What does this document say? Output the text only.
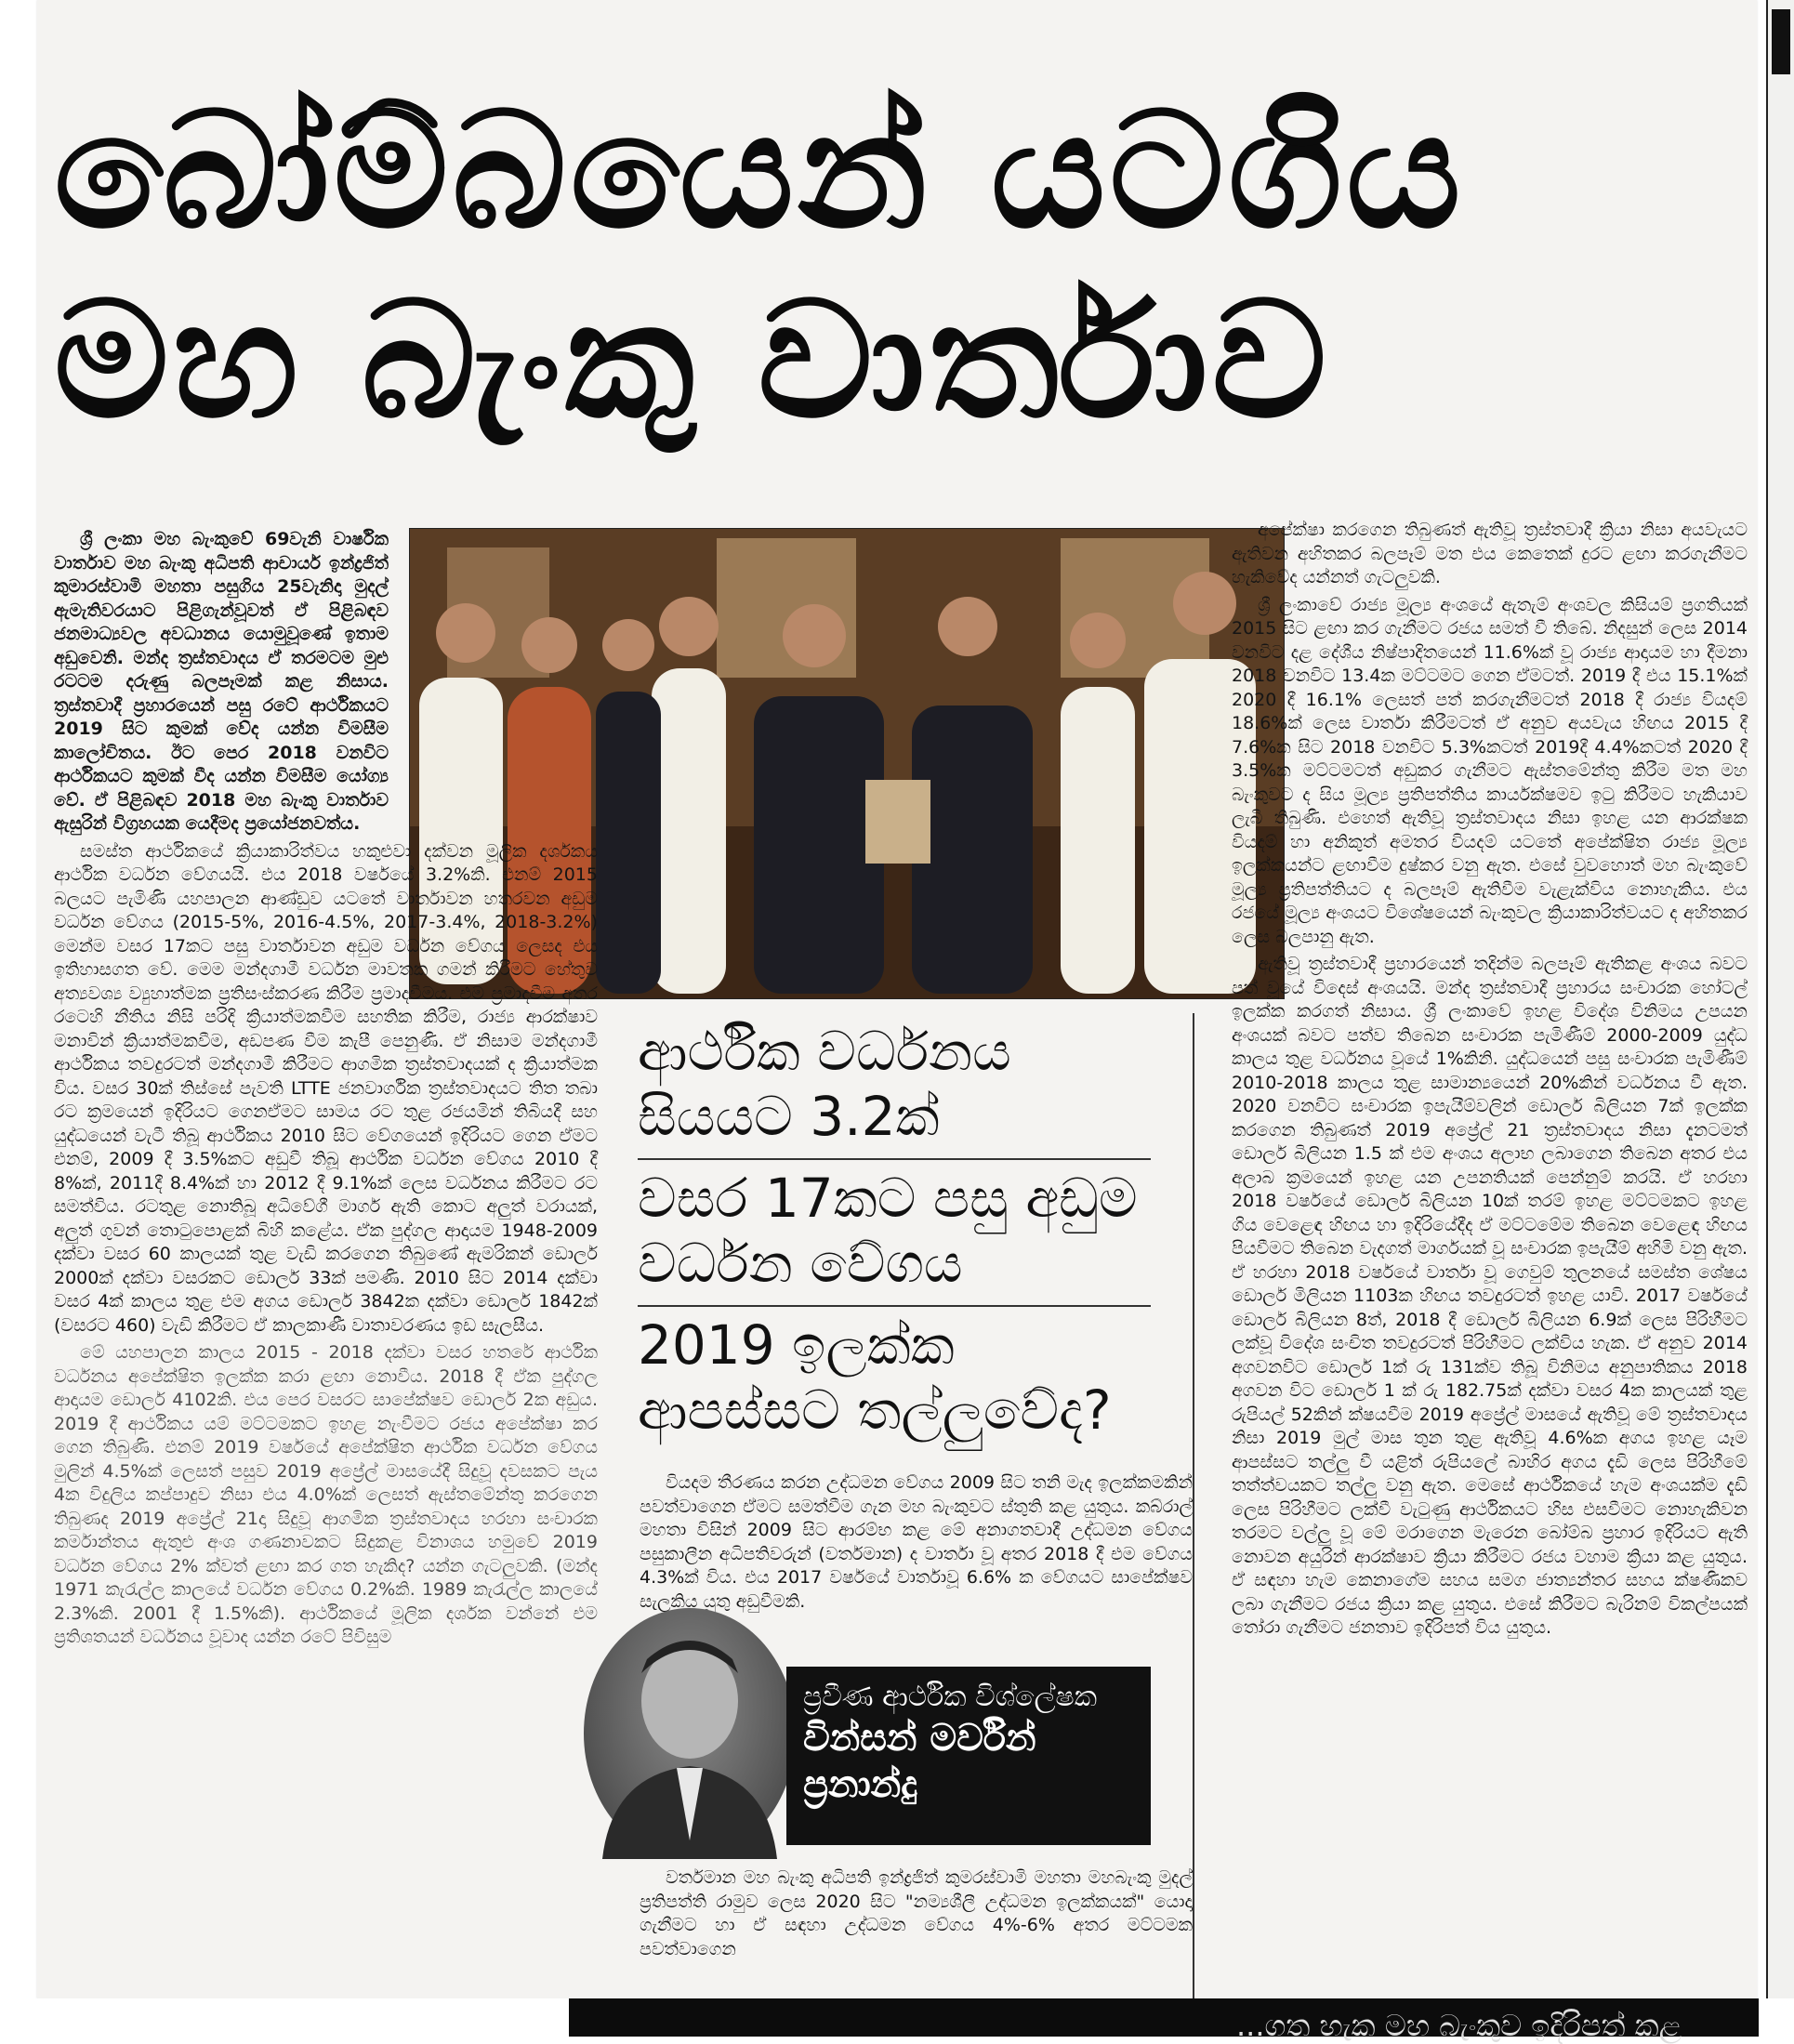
බෝම්බයෙන් යටගිය
මහ බැංකු වාර්තාව

ශ්‍රී ලංකා මහ බැංකුවේ 69වැනි වාර්ෂික වාර්තාව මහ බැංකු අධිපති ආචාර්ය ඉන්ද්‍රජිත් කුමාරස්වාමි මහතා පසුගිය 25වැනිදා මුදල් ඇමැතිවරයාට පිළිගැන්වූවත් ඒ පිළිබඳව ජනමාධ්‍යවල අවධානය යොමුවූණේ ඉතාම අඩුවෙනි. මන්ද ත්‍රස්තවාදය ඒ තරමටම මුළු රටටම දරුණු බලපෑමක් කළ නිසාය. ත්‍රස්තවාදී ප්‍රහාරයෙන් පසු රටේ ආර්ථිකයට 2019 සිට කුමක් වේද යන්න විමසීම කාලෝචිතය. ඊට පෙර 2018 වනවිට ආර්ථිකයට කුමක් වීද යන්න විමසීම යෝග්‍ය වේ. ඒ පිළිබඳව 2018 මහ බැංකු වාර්තාව ඇසුරින් විග්‍රහයක යෙදීමද ප්‍රයෝජනවත්ය.

සමස්ත ආර්ථිකයේ ක්‍රියාකාරිත්වය හකුළුවා දක්වන මූලික දර්ශකය ආර්ථික වර්ධන වේගයයි. එය 2018 වර්ෂයේ 3.2%කි. එනම් 2015 බලයට පැමිණි යහපාලන ආණ්ඩුව යටතේ වාර්තාවන හතරවන අඩුම වර්ධන වේගය (2015-5%, 2016-4.5%, 2017-3.4%, 2018-3.2%) මෙන්ම වසර 17කට පසු වාර්තාවන අඩුම වර්ධන වේගය ලෙසද එය ඉතිහාසගත වේ. මෙම මන්දගාමී වර්ධන මාවතක ගමන් කිරීමට හේතුව අත්‍යවශ්‍ය ව්‍යුහාත්මක ප්‍රතිසංස්කරණ කිරීම ප්‍රමාදවීමය. එම ප්‍රමාදවීම අතර රටෙහි නීතිය නිසි පරිදි ක්‍රියාත්මකවීම සහතික කිරීම, රාජ්‍ය ආරක්ෂාව මනාවින් ක්‍රියාත්මකවීම, අඩපණ වීම කැපී පෙනුණි. ඒ නිසාම මන්දගාමී ආර්ථිකය තවදුරටත් මන්දගාමී කිරීමට ආගමික ත්‍රස්තවාදයක් ද ක්‍රියාත්මක විය. වසර 30ක් තිස්සේ පැවති LTTE ජනවාර්ගික ත්‍රස්තවාදයට තිත තබා රට ක්‍රමයෙන් ඉදිරියට ගෙනඒමට සාමය රට තුළ රජයමින් තිබියදී සහ යුද්ධයෙන් වැටී තිබූ ආර්ථිකය 2010 සිට වේගයෙන් ඉදිරියට ගෙන ඒමට එනම්, 2009 දී 3.5%කට අඩුවී තිබූ ආර්ථික වර්ධන වේගය 2010 දී 8%ක්, 2011දී 8.4%ක් හා 2012 දී 9.1%ක් ලෙස වර්ධනය කිරීමට රට සමත්විය. රටතුළ නොතිබූ අධිවේගී මාර්ග ඇති කොට අලුත් වරායක්, අලුත් ගුවන් තොටුපොළක් බිහි කළේය. ඒක පුද්ගල ආදායම 1948-2009 දක්වා වසර 60 කාලයක් තුළ වැඩි කරගෙන තිබුණේ ඇමරිකන් ඩොලර් 2000ක් දක්වා වසරකට ඩොලර් 33ක් පමණි. 2010 සිට 2014 දක්වා වසර 4ක් කාලය තුළ එම අගය ඩොලර් 3842ක දක්වා ඩොලර් 1842ක් (වසරට 460) වැඩි කිරීමට ඒ කාලකාණී වාතාවරණය ඉඩ සැලසීය.

මේ යහපාලන කාලය 2015 - 2018 දක්වා වසර හතරේ ආර්ථික වර්ධනය අපේක්ෂිත ඉලක්ක කරා ළඟා නොවීය. 2018 දී ඒක පුද්ගල ආදායම ඩොලර් 4102කි. එය පෙර වසරට සාපේක්ෂව ඩොලර් 2ක අඩුය. 2019 දී ආර්ථිකය යම් මට්ටමකට ඉහළ නැංවීමට රජය අපේක්ෂා කර ගෙන තිබුණි. එනම් 2019 වර්ෂයේ අපේක්ෂිත ආර්ථික වර්ධන වේගය මුලින් 4.5%ක් ලෙසත් පසුව 2019 අප්‍රේල් මාසයේදී සිදුවූ දවසකට පැය 4ක විදුලිය කප්පාදුව නිසා එය 4.0%ක් ලෙසත් ඇස්තමේන්තු කරගෙන තිබුණද 2019 අප්‍රේල් 21දා සිදුවූ ආගමික ත්‍රස්තවාදය හරහා සංචාරක කර්මාන්තය ඇතුළු අංශ ගණනාවකට සිදුකළ විනාශය හමුවේ 2019 වර්ධන වේගය 2% ක්වත් ළඟා කර ගත හැකිද? යන්න ගැටලුවකි. (මන්ද 1971 කැරැල්ල කාලයේ වර්ධන වේගය 0.2%කි. 1989 කැරැල්ල කාලයේ 2.3%කි. 2001 දී 1.5%කි). ආර්ථිකයේ මූලික දර්ශක වන්නේ එම ප්‍රතිශතයන් වර්ධනය වූවාද යන්න රටේ පිවිසුම

ආර්ථික වර්ධනය සියයට 3.2ක්
වසර 17කට පසු අඩුම වර්ධන වේගය
2019 ඉලක්ක ආපස්සට තල්ලුවේද?

වියදම තීරණය කරන උද්ධමන වේගය 2009 සිට තනි මැද ඉලක්කමකින් පවත්වාගෙන ඒමට සමත්වීම ගැන මහ බැංකුවට ස්තුති කළ යුතුය. කබ්රාල් මහතා විසින් 2009 සිට ආරම්භ කළ මේ අනාගතවාදී උද්ධමන වේගය පසුකාලීන අධිපතිවරුන් (වර්තමාන) ද වාර්තා වූ අතර 2018 දී එම වේගය 4.3%ක් විය. එය 2017 වර්ෂයේ වාර්තාවූ 6.6% ක වේගයට සාපේක්ෂව සැලකිය යුතු අඩුවීමකි.

ප්‍රවීණ ආර්ථික විශ්ලේෂක
වින්සන් මර්වින්
ප්‍රනාන්දු

වර්තමාන මහ බැංකු අධිපති ඉන්ද්‍රජිත් කුමරස්වාමි මහතා මහබැංකු මුදල් ප්‍රතිපත්ති රාමුව ලෙස 2020 සිට "නම්‍යශීලී උද්ධමන ඉලක්කයක්" යොදා ගැනීමට හා ඒ සඳහා උද්ධමන වේගය 4%-6% අතර මට්ටමක පවත්වාගෙන

අපේක්ෂා කරගෙන තිබුණත් ඇතිවූ ත්‍රස්තවාදී ක්‍රියා නිසා අයවැයට ඇතිවන අහිතකර බලපෑම් මත එය කෙතෙක් දුරට ළඟා කරගැනීමට හැකිවේද යන්නත් ගැටලුවකි.

ශ්‍රී ලංකාවේ රාජ්‍ය මූල්‍ය අංශයේ ඇතැම් අංශවල කිසියම් ප්‍රගතියක් 2015 සිට ළඟා කර ගැනීමට රජය සමත් වී තිබේ. නිදසුන් ලෙස 2014 වනවිට දළ දේශීය නිෂ්පාදිතයෙන් 11.6%ක් වූ රාජ්‍ය ආදායම හා දීමනා 2018 වනවිට 13.4ක මට්ටමට ගෙන ඒමටත්. 2019 දී එය 15.1%ක් 2020 දී 16.1% ලෙසත් පත් කරගැනීමටත් 2018 දී රාජ්‍ය වියදම් 18.6%ක් ලෙස වාර්තා කිරීමටත් ඒ අනුව අයවැය හිඟය 2015 දී 7.6%ක සිට 2018 වනවිට 5.3%කටත් 2019දී 4.4%කටත් 2020 දී 3.5%ක මට්ටමටත් අඩුකර ගැනීමට ඇස්තමේන්තු කිරීම මත මහ බැංකුවට ද සිය මූල්‍ය ප්‍රතිපත්තිය කාර්යක්ෂමව ඉටු කිරීමට හැකියාව ලැබී තිබුණි. එහෙත් ඇතිවූ ත්‍රස්තවාදය නිසා ඉහළ යන ආරක්ෂක වියදම් හා අනිකුත් අමතර වියදම් යටතේ අපේක්ෂිත රාජ්‍ය මූල්‍ය ඉලක්කයන්ට ළඟාවීම දුෂ්කර වනු ඇත. එසේ වුවහොත් මහ බැංකුවේ මූල්‍ය ප්‍රතිපත්තියට ද බලපෑම් ඇතිවීම වැළැක්විය නොහැකිය. එය රජයේ මූල්‍ය අංශයට විශේෂයෙන් බැංකුවල ක්‍රියාකාරිත්වයට ද අහිතකර ලෙස බලපානු ඇත.

ඇතිවූ ත්‍රස්තවාදී ප්‍රහාරයෙන් තදින්ම බලපෑම් ඇතිකළ අංශය බවට පත් වූයේ විදෙස් අංශයයි. මන්ද ත්‍රස්තවාදී ප්‍රහාරය සංචාරක හෝටල් ඉලක්ක කරගත් නිසාය. ශ්‍රී ලංකාවේ ඉහළ විදේශ විනිමය උපයන අංශයක් බවට පත්ව තිබෙන සංචාරක පැමිණීම් 2000-2009 යුද්ධ කාලය තුළ වර්ධනය වූයේ 1%කිනි. යුද්ධයෙන් පසු සංචාරක පැමිණීම් 2010-2018 කාලය තුළ සාමාන්‍යයෙන් 20%කින් වර්ධනය වී ඇත. 2020 වනවිට සංචාරක ඉපැයීම්වලින් ඩොලර් බිලියන 7ක් ඉලක්ක කරගෙන තිබුණත් 2019 අප්‍රේල් 21 ත්‍රස්තවාදය නිසා දැනටමත් ඩොලර් බිලියන 1.5 ක් එම අංශය අලාභ ලබාගෙන තිබෙන අතර එය අලාබ ක්‍රමයෙන් ඉහළ යන උපනතියක් පෙන්නුම් කරයි. ඒ හරහා 2018 වර්ෂයේ ඩොලර් බිලියන 10ක් තරම් ඉහළ මට්ටමකට ඉහළ ගිය වෙළෙඳ හිඟය හා ඉදිරියේදීද ඒ මට්ටමේම තිබෙන වෙළෙඳ හිඟය පියවීමට තිබෙන වැදගත් මාර්ගයක් වූ සංචාරක ඉපැයීම් අහිමි වනු ඇත. ඒ හරහා 2018 වර්ෂයේ වාර්තා වූ ගෙවුම් තුලනයේ සමස්ත ශේෂය ඩොලර් මිලියන 1103ක හිඟය තවදුරටත් ඉහළ යාවි. 2017 වර්ෂයේ ඩොලර් බිලියන 8ත්, 2018 දී ඩොලර් බිලියන 6.9ක් ලෙස පිරිහීමට ලක්වූ විදේශ සංචිත තවදුරටත් පිරිහීමට ලක්විය හැක. ඒ අනුව 2014 අගවනවිට ඩොලර් 1ක් රු 131ක්ව තිබූ විනිමය අනුපාතිකය 2018 අගවන විට ඩොලර් 1 ක් රු 182.75ක් දක්වා වසර 4ක කාලයක් තුළ රුපියල් 52කින් ක්ෂයවීම 2019 අප්‍රේල් මාසයේ ඇතිවූ මේ ත්‍රස්තවාදය නිසා 2019 මුල් මාස තුන තුළ ඇතිවූ 4.6%ක අගය ඉහළ යෑම ආපස්සට තල්ලු වී යළිත් රුපියලේ බාහිර අගය දැඩි ලෙස පිරිහීමේ තත්ත්වයකට තල්ලු වනු ඇත. මෙසේ ආර්ථිකයේ හැම අංශයක්ම දැඩි ලෙස පිරිහීමට ලක්වී වැටුණු ආර්ථිකයට හිස එසවීමට නොහැකිවන තරමට වල්ලු වූ මේ මරාගෙන මැරෙන බෝම්බ ප්‍රහාර ඉදිරියට ඇති නොවන අයුරින් ආරක්ෂාව ක්‍රියා කිරීමට රජය වහාම ක්‍රියා කළ යුතුය. ඒ සඳහා හැම කෙනාගේම සහය සමග ජාත්‍යන්තර සහය ක්ෂණිකව ලබා ගැනීමට රජය ක්‍රියා කළ යුතුය. එසේ කිරීමට බැරිනම් විකල්පයක් තෝරා ගැනීමට ජනතාව ඉදිරිපත් විය යුතුය.

...ගත හැක මහ බැංකුව ඉදිරිපත් කළ
